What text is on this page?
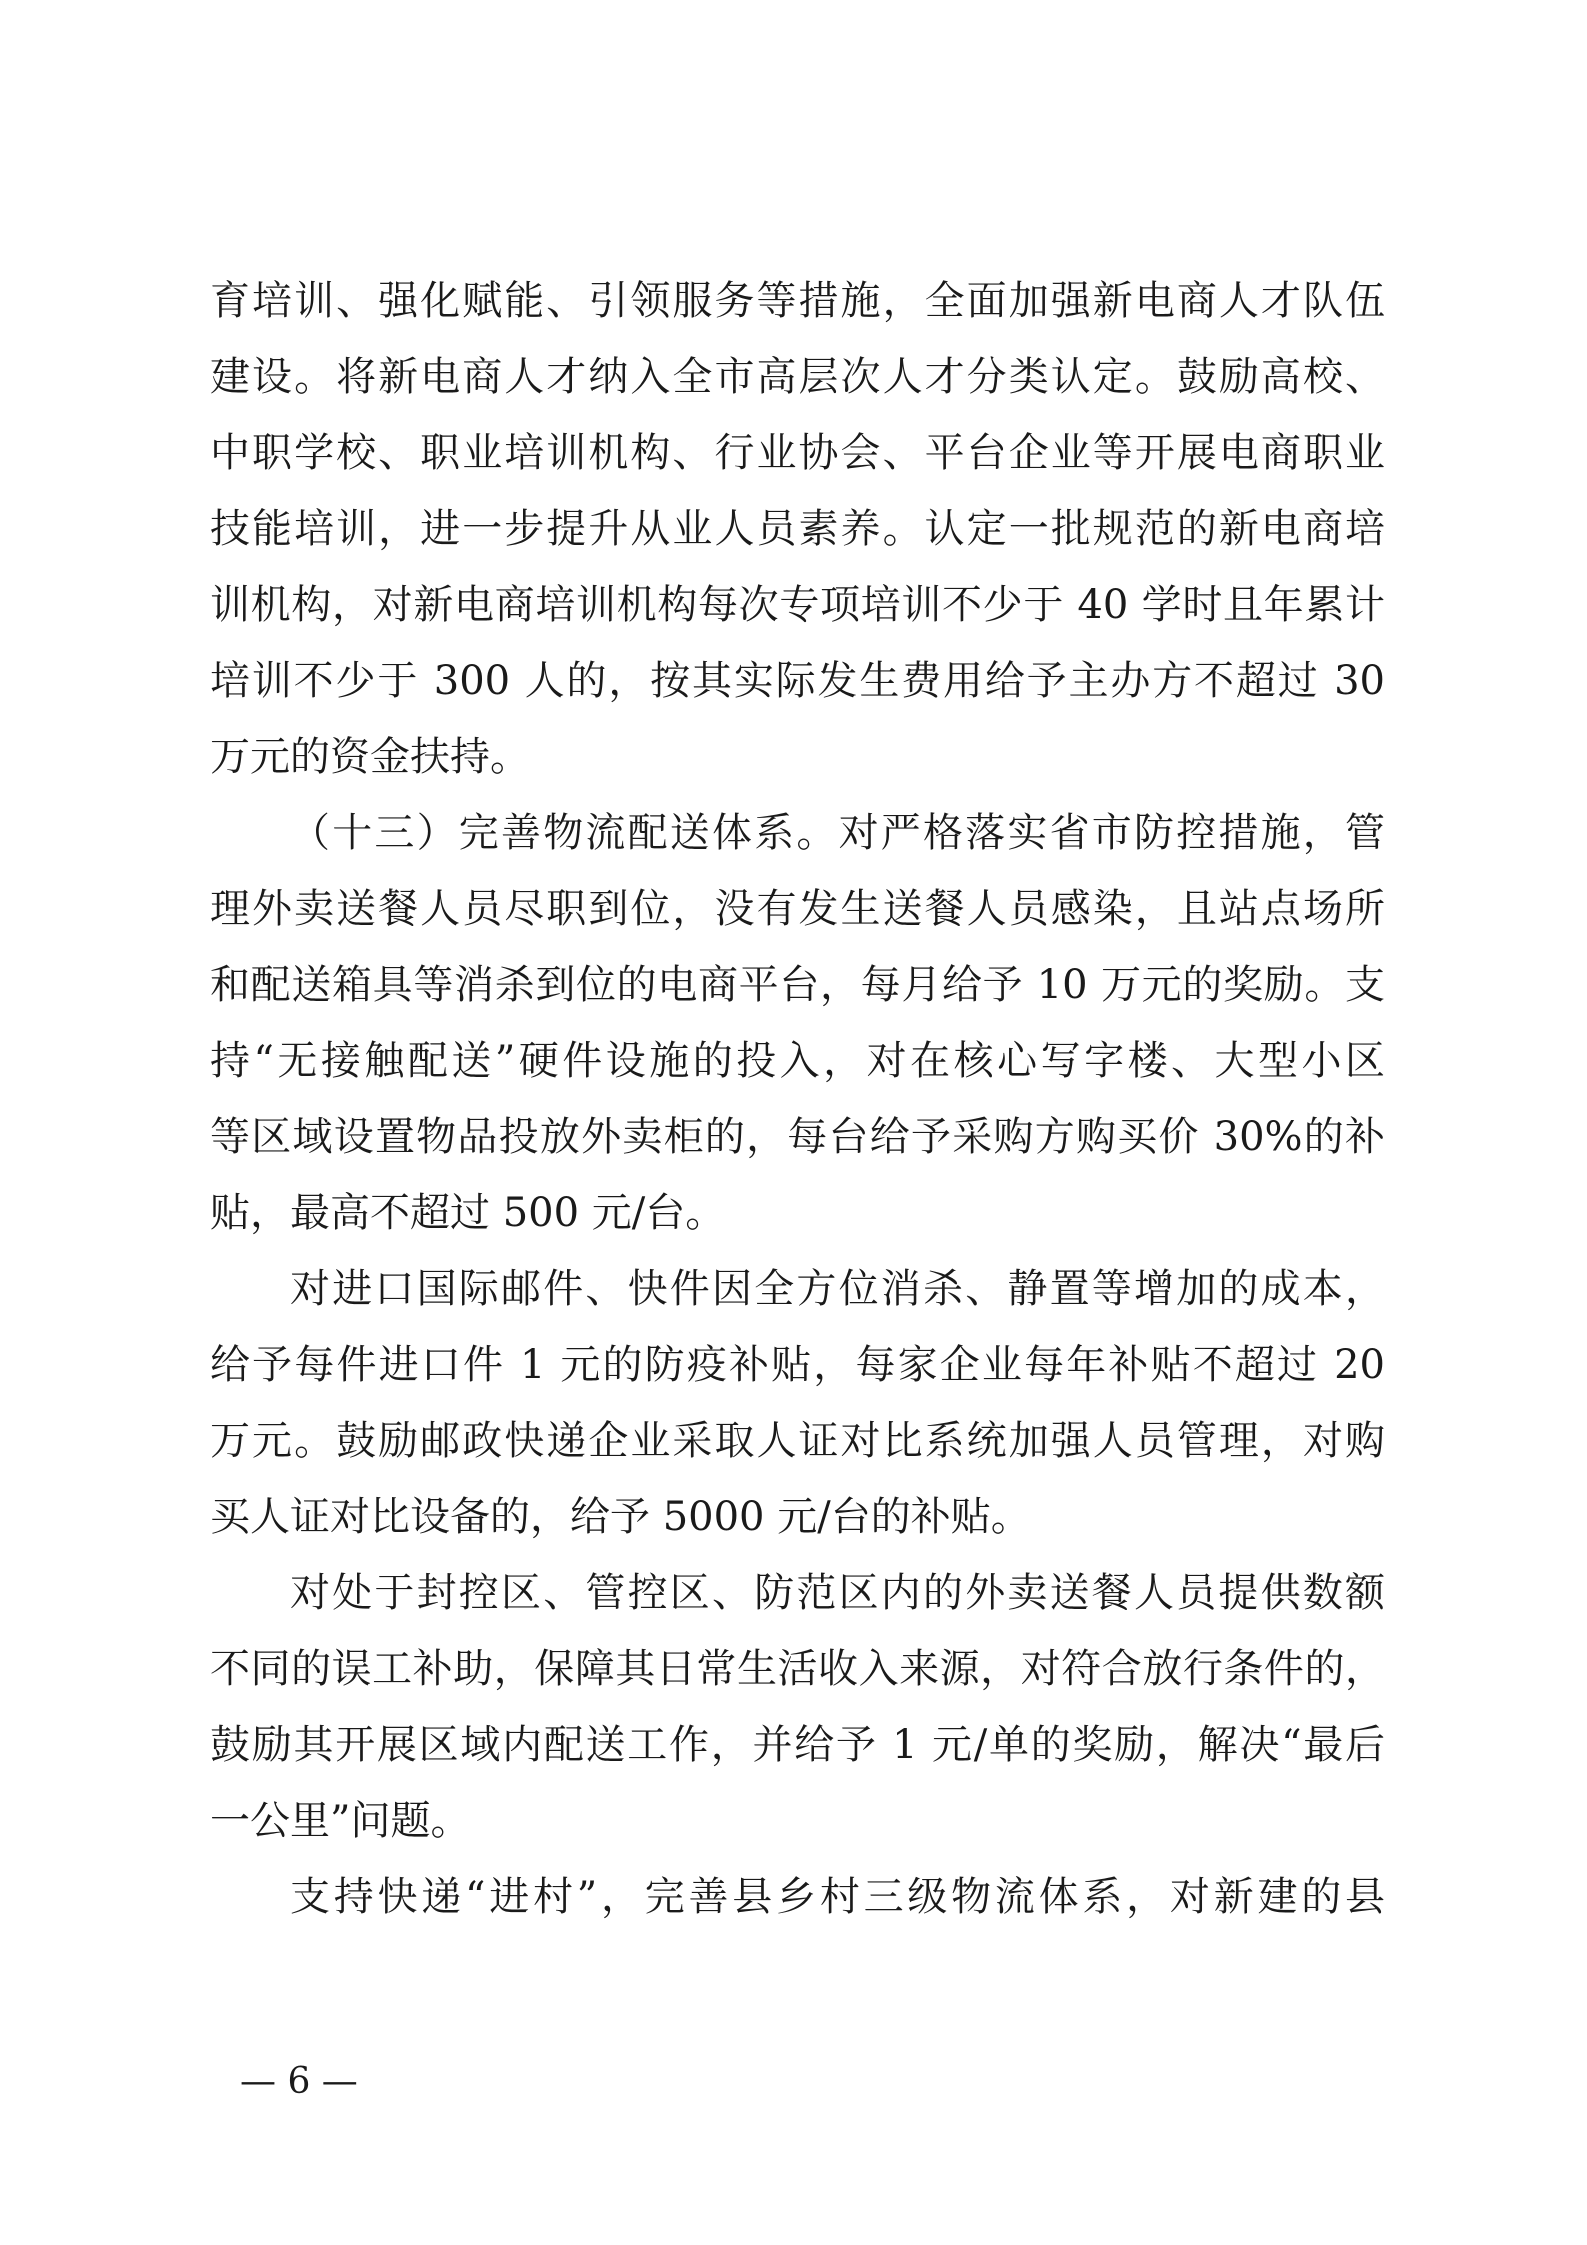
育培训、强化赋能、引领服务等措施，全面加强新电商人才队伍
建设。将新电商人才纳入全市高层次人才分类认定。鼓励高校、
中职学校、职业培训机构、行业协会、平台企业等开展电商职业
技能培训，进一步提升从业人员素养。认定一批规范的新电商培
训机构，对新电商培训机构每次专项培训不少于 40 学时且年累计
培训不少于 300 人的，按其实际发生费用给予主办方不超过 30
万元的资金扶持。
（十三）完善物流配送体系。对严格落实省市防控措施，管
理外卖送餐人员尽职到位，没有发生送餐人员感染，且站点场所
和配送箱具等消杀到位的电商平台，每月给予 10 万元的奖励。支
持“无接触配送”硬件设施的投入，对在核心写字楼、大型小区
等区域设置物品投放外卖柜的，每台给予采购方购买价 30%的补
贴，最高不超过 500 元/台。
对进口国际邮件、快件因全方位消杀、静置等增加的成本，
给予每件进口件 1 元的防疫补贴，每家企业每年补贴不超过 20
万元。鼓励邮政快递企业采取人证对比系统加强人员管理，对购
买人证对比设备的，给予 5000 元/台的补贴。
对处于封控区、管控区、防范区内的外卖送餐人员提供数额
不同的误工补助，保障其日常生活收入来源，对符合放行条件的，
鼓励其开展区域内配送工作，并给予 1 元/单的奖励，解决“最后
一公里”问题。
支持快递“进村”，完善县乡村三级物流体系，对新建的县
— 6 —
